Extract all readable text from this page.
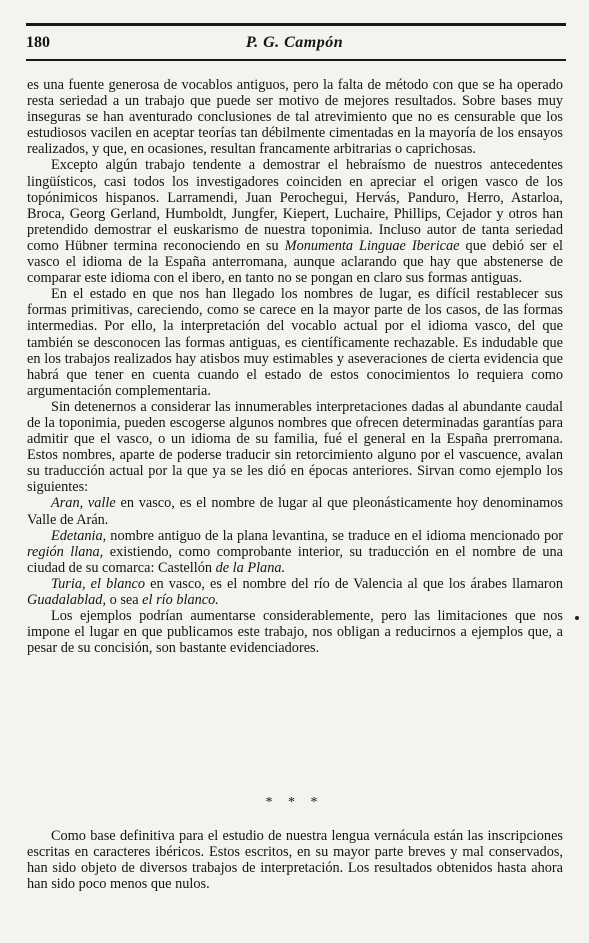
180	P. G. Campón

es una fuente generosa de vocablos antiguos, pero la falta de método con que se ha operado resta seriedad a un trabajo que puede ser motivo de mejores resultados. Sobre bases muy inseguras se han aventurado conclusiones de tal atrevimiento que no es censurable que los estudiosos vacilen en aceptar teorías tan débilmente cimentadas en la mayoría de los ensayos realizados, y que, en ocasiones, resultan francamente arbitrarias o caprichosas.

Excepto algún trabajo tendente a demostrar el hebraísmo de nuestros antecedentes lingüísticos, casi todos los investigadores coinciden en apreciar el origen vasco de los topónimicos hispanos. Larramendi, Juan Perochegui, Hervás, Panduro, Herro, Astarloa, Broca, Georg Gerland, Humboldt, Jungfer, Kiepert, Luchaire, Phillips, Cejador y otros han pretendido demostrar el euskarismo de nuestra toponimia. Incluso autor de tanta seriedad como Hübner termina reconociendo en su Monumenta Linguae Ibericae que debió ser el vasco el idioma de la España anterromana, aunque aclarando que hay que abstenerse de comparar este idioma con el ibero, en tanto no se pongan en claro sus formas antiguas.

En el estado en que nos han llegado los nombres de lugar, es difícil restablecer sus formas primitivas, careciendo, como se carece en la mayor parte de los casos, de las formas intermedias. Por ello, la interpretación del vocablo actual por el idioma vasco, del que también se desconocen las formas antiguas, es científicamente rechazable. Es indudable que en los trabajos realizados hay atisbos muy estimables y aseveraciones de cierta evidencia que habrá que tener en cuenta cuando el estado de estos conocimientos lo requiera como argumentación complementaria.

Sin detenernos a considerar las innumerables interpretaciones dadas al abundante caudal de la toponimia, pueden escogerse algunos nombres que ofrecen determinadas garantías para admitir que el vasco, o un idioma de su familia, fué el general en la España prerromana. Estos nombres, aparte de poderse traducir sin retorcimiento alguno por el vascuence, avalan su traducción actual por la que ya se les dió en épocas anteriores. Sirvan como ejemplo los siguientes:

Aran, valle en vasco, es el nombre de lugar al que pleonásticamente hoy denominamos Valle de Arán.

Edetania, nombre antiguo de la plana levantina, se traduce en el idioma mencionado por región llana, existiendo, como comprobante interior, su traducción en el nombre de una ciudad de su comarca: Castellón de la Plana.

Turia, el blanco en vasco, es el nombre del río de Valencia al que los árabes llamaron Guadalablad, o sea el río blanco.

Los ejemplos podrían aumentarse considerablemente, pero las limitaciones que nos impone el lugar en que publicamos este trabajo, nos obligan a reducirnos a ejemplos que, a pesar de su concisión, son bastante evidenciadores.

* * *

Como base definitiva para el estudio de nuestra lengua vernácula están las inscripciones escritas en caracteres ibéricos. Estos escritos, en su mayor parte breves y mal conservados, han sido objeto de diversos trabajos de interpretación. Los resultados obtenidos hasta ahora han sido poco menos que nulos.
